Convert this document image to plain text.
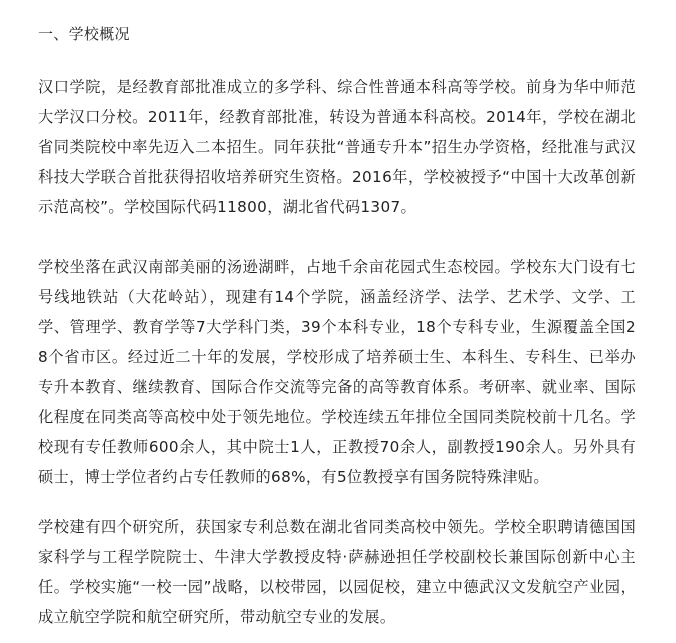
一、学校概况

汉口学院，是经教育部批准成立的多学科、综合性普通本科高等学校。前身为华中师范大学汉口分校。2011年，经教育部批准，转设为普通本科高校。2014年，学校在湖北省同类院校中率先迈入二本招生。同年获批“普通专升本”招生办学资格，经批准与武汉科技大学联合首批获得招收培养研究生资格。2016年，学校被授予“中国十大改革创新示范高校”。学校国际代码11800，湖北省代码1307。

学校坐落在武汉南部美丽的汤逊湖畔，占地千余亩花园式生态校园。学校东大门设有七号线地铁站（大花岭站），现建有14个学院，涵盖经济学、法学、艺术学、文学、工学、管理学、教育学等7大学科门类，39个本科专业，18个专科专业，生源覆盖全国28个省市区。经过近二十年的发展，学校形成了培养硕士生、本科生、专科生、已举办专升本教育、继续教育、国际合作交流等完备的高等教育体系。考研率、就业率、国际化程度在同类高等高校中处于领先地位。学校连续五年排位全国同类院校前十几名。学校现有专任教师600余人，其中院士1人，正教授70余人，副教授190余人。另外具有硕士，博士学位者约占专任教师的68%，有5位教授享有国务院特殊津贴。

学校建有四个研究所，获国家专利总数在湖北省同类高校中领先。学校全职聘请德国国家科学与工程学院院士、牛津大学教授皮特·萨赫逊担任学校副校长兼国际创新中心主任。学校实施“一校一园”战略，以校带园，以园促校，建立中德武汉文发航空产业园，成立航空学院和航空研究所，带动航空专业的发展。
